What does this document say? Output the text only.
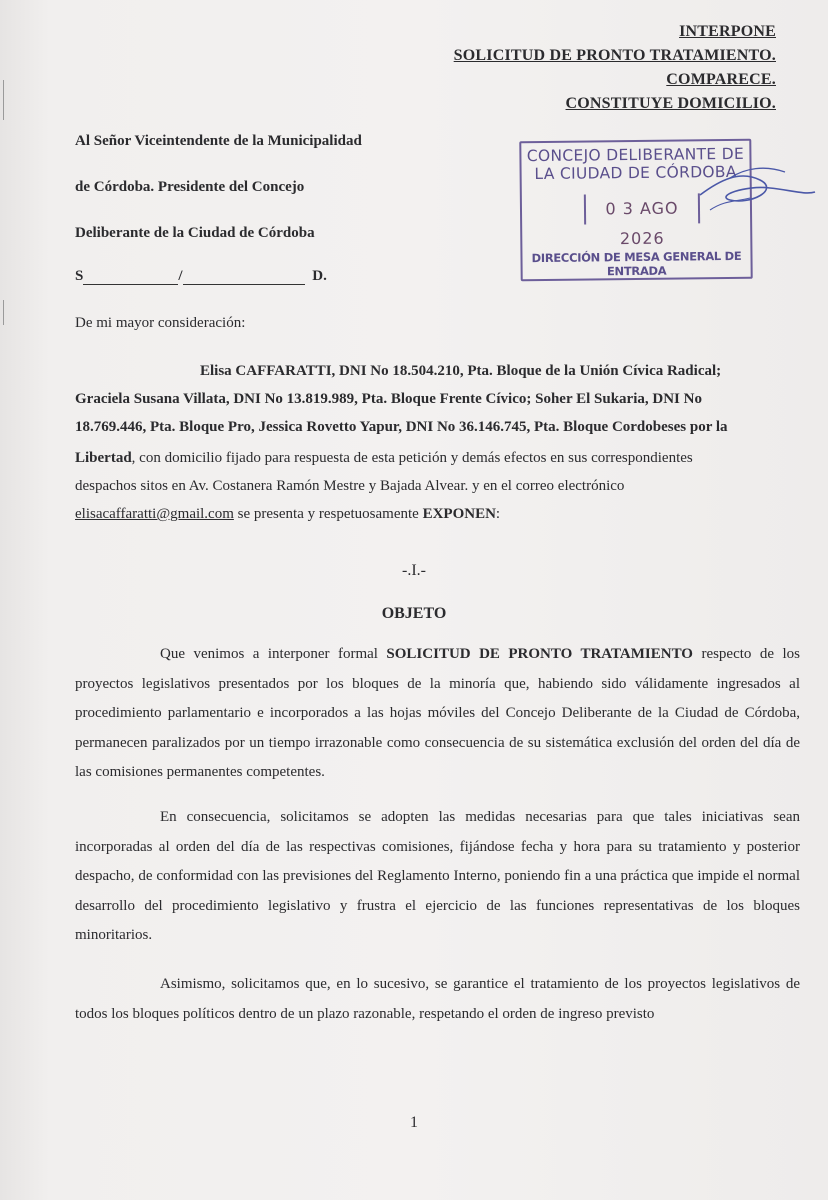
INTERPONE
SOLICITUD DE PRONTO TRATAMIENTO.
COMPARECE.
CONSTITUYE DOMICILIO.
Al Señor Viceintendente de la Municipalidad
de Córdoba. Presidente del Concejo
Deliberante de la Ciudad de Córdoba
S	/	D.
CONCEJO DELIBERANTE DE
LA CIUDAD DE CÓRDOBA
0 3 AGO 2026
DIRECCIÓN DE MESA GENERAL DE ENTRADA
De mi mayor consideración:
Elisa CAFFARATTI, DNI No 18.504.210, Pta. Bloque de la Unión Cívica Radical;
Graciela Susana Villata, DNI No 13.819.989, Pta. Bloque Frente Cívico; Soher El Sukaria, DNI No
18.769.446, Pta. Bloque Pro, Jessica Rovetto Yapur, DNI No 36.146.745, Pta. Bloque Cordobeses por la
Libertad, con domicilio fijado para respuesta de esta petición y demás efectos en sus correspondientes
despachos sitos en Av. Costanera Ramón Mestre y Bajada Alvear. y en el correo electrónico
elisacaffaratti@gmail.com se presenta y respetuosamente EXPONEN:
-.I.-
OBJETO
Que venimos a interponer formal SOLICITUD DE PRONTO TRATAMIENTO respecto de los proyectos legislativos presentados por los bloques de la minoría que, habiendo sido válidamente ingresados al procedimiento parlamentario e incorporados a las hojas móviles del Concejo Deliberante de la Ciudad de Córdoba, permanecen paralizados por un tiempo irrazonable como consecuencia de su sistemática exclusión del orden del día de las comisiones permanentes competentes.
En consecuencia, solicitamos se adopten las medidas necesarias para que tales iniciativas sean incorporadas al orden del día de las respectivas comisiones, fijándose fecha y hora para su tratamiento y posterior despacho, de conformidad con las previsiones del Reglamento Interno, poniendo fin a una práctica que impide el normal desarrollo del procedimiento legislativo y frustra el ejercicio de las funciones representativas de los bloques minoritarios.
Asimismo, solicitamos que, en lo sucesivo, se garantice el tratamiento de los proyectos legislativos de todos los bloques políticos dentro de un plazo razonable, respetando el orden de ingreso previsto
1
